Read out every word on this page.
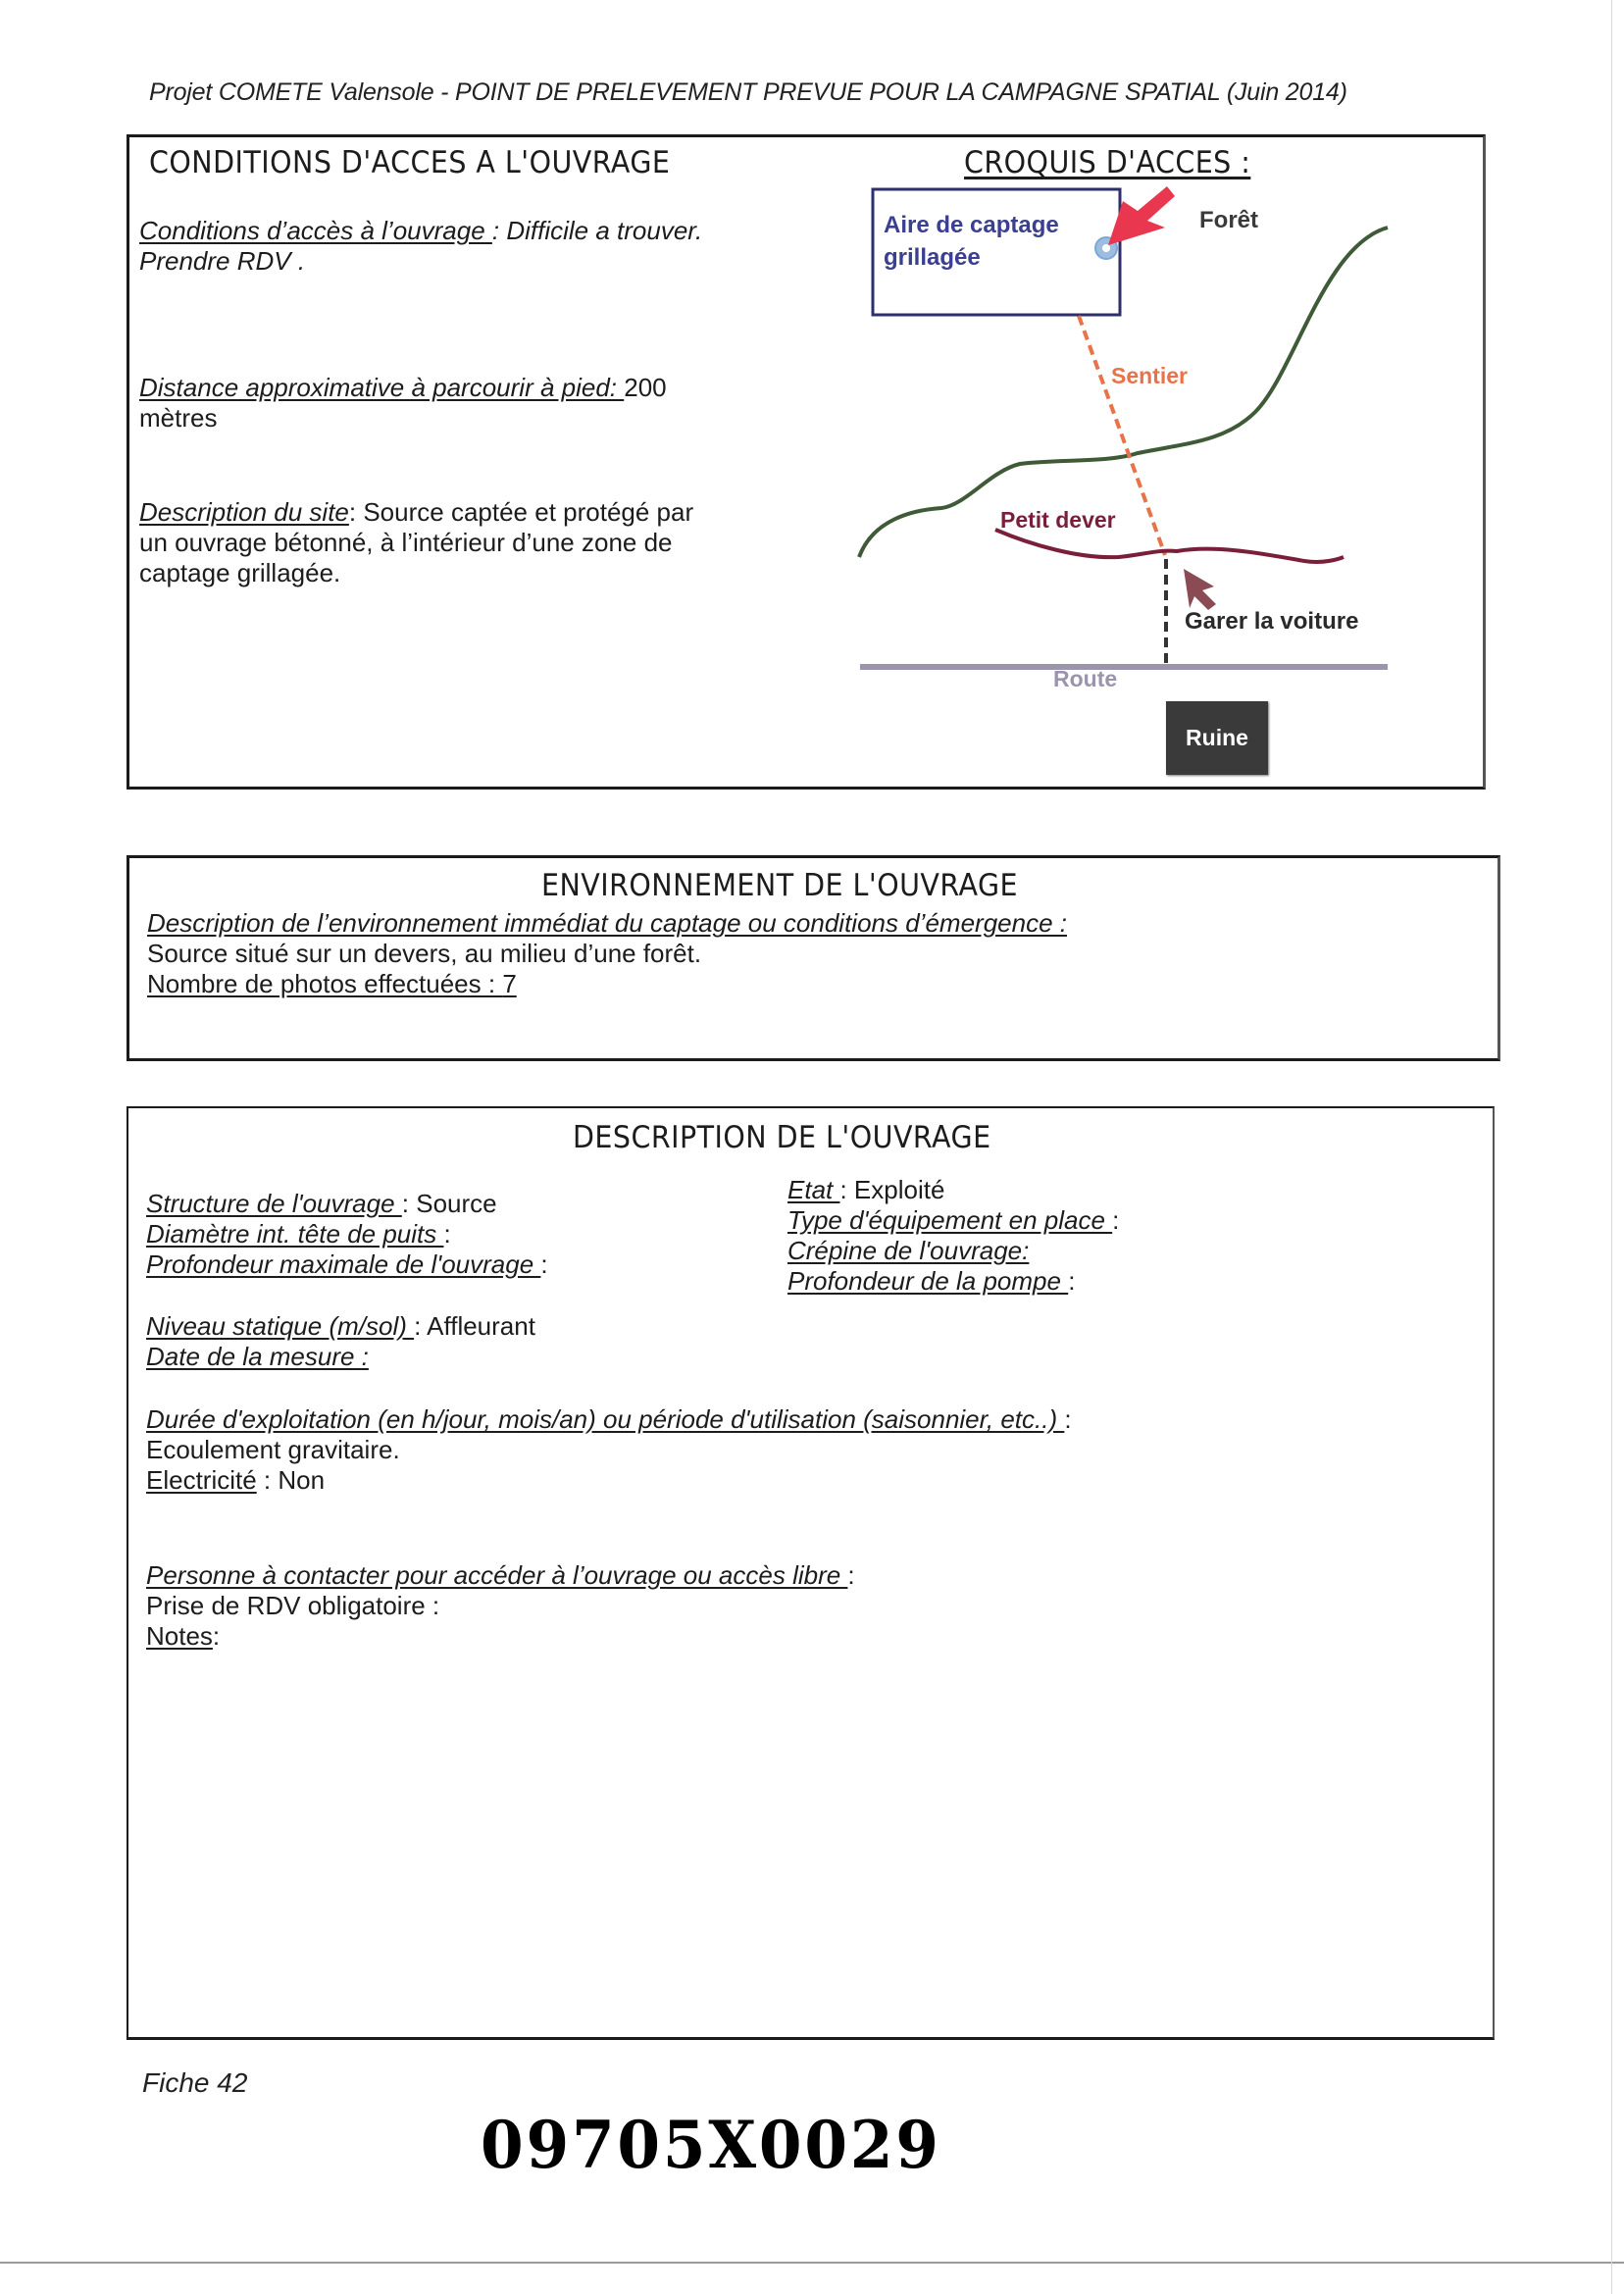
Projet COMETE Valensole - POINT DE PRELEVEMENT PREVUE POUR LA CAMPAGNE SPATIAL (Juin 2014)
CONDITIONS D'ACCES A L'OUVRAGE
Conditions d’accès à l’ouvrage : Difficile a trouver.
Prendre RDV .
Distance approximative à parcourir à pied: 200
mètres
Description du site: Source captée et protégé par
un ouvrage bétonné, à l’intérieur d’une zone de
captage grillagée.
CROQUIS D'ACCES :
Aire de captage
grillagée
Forêt
Sentier
Petit dever
Garer la voiture
Route
Ruine
ENVIRONNEMENT DE L'OUVRAGE
Description de l’environnement immédiat du captage ou conditions d’émergence :
Source situé sur un devers, au milieu d’une forêt.
Nombre de photos effectuées : 7
DESCRIPTION DE L'OUVRAGE
Structure de l'ouvrage : Source
Diamètre int. tête de puits :
Profondeur maximale de l'ouvrage :
Etat : Exploité
Type d'équipement en place :
Crépine de l'ouvrage:
Profondeur de la pompe :
Niveau statique (m/sol) : Affleurant
Date de la mesure :
Durée d'exploitation (en h/jour, mois/an) ou période d'utilisation (saisonnier, etc..) :
Ecoulement gravitaire.
Electricité : Non
Personne à contacter pour accéder à l’ouvrage ou accès libre :
Prise de RDV obligatoire :
Notes:
Fiche 42
09705X0029
